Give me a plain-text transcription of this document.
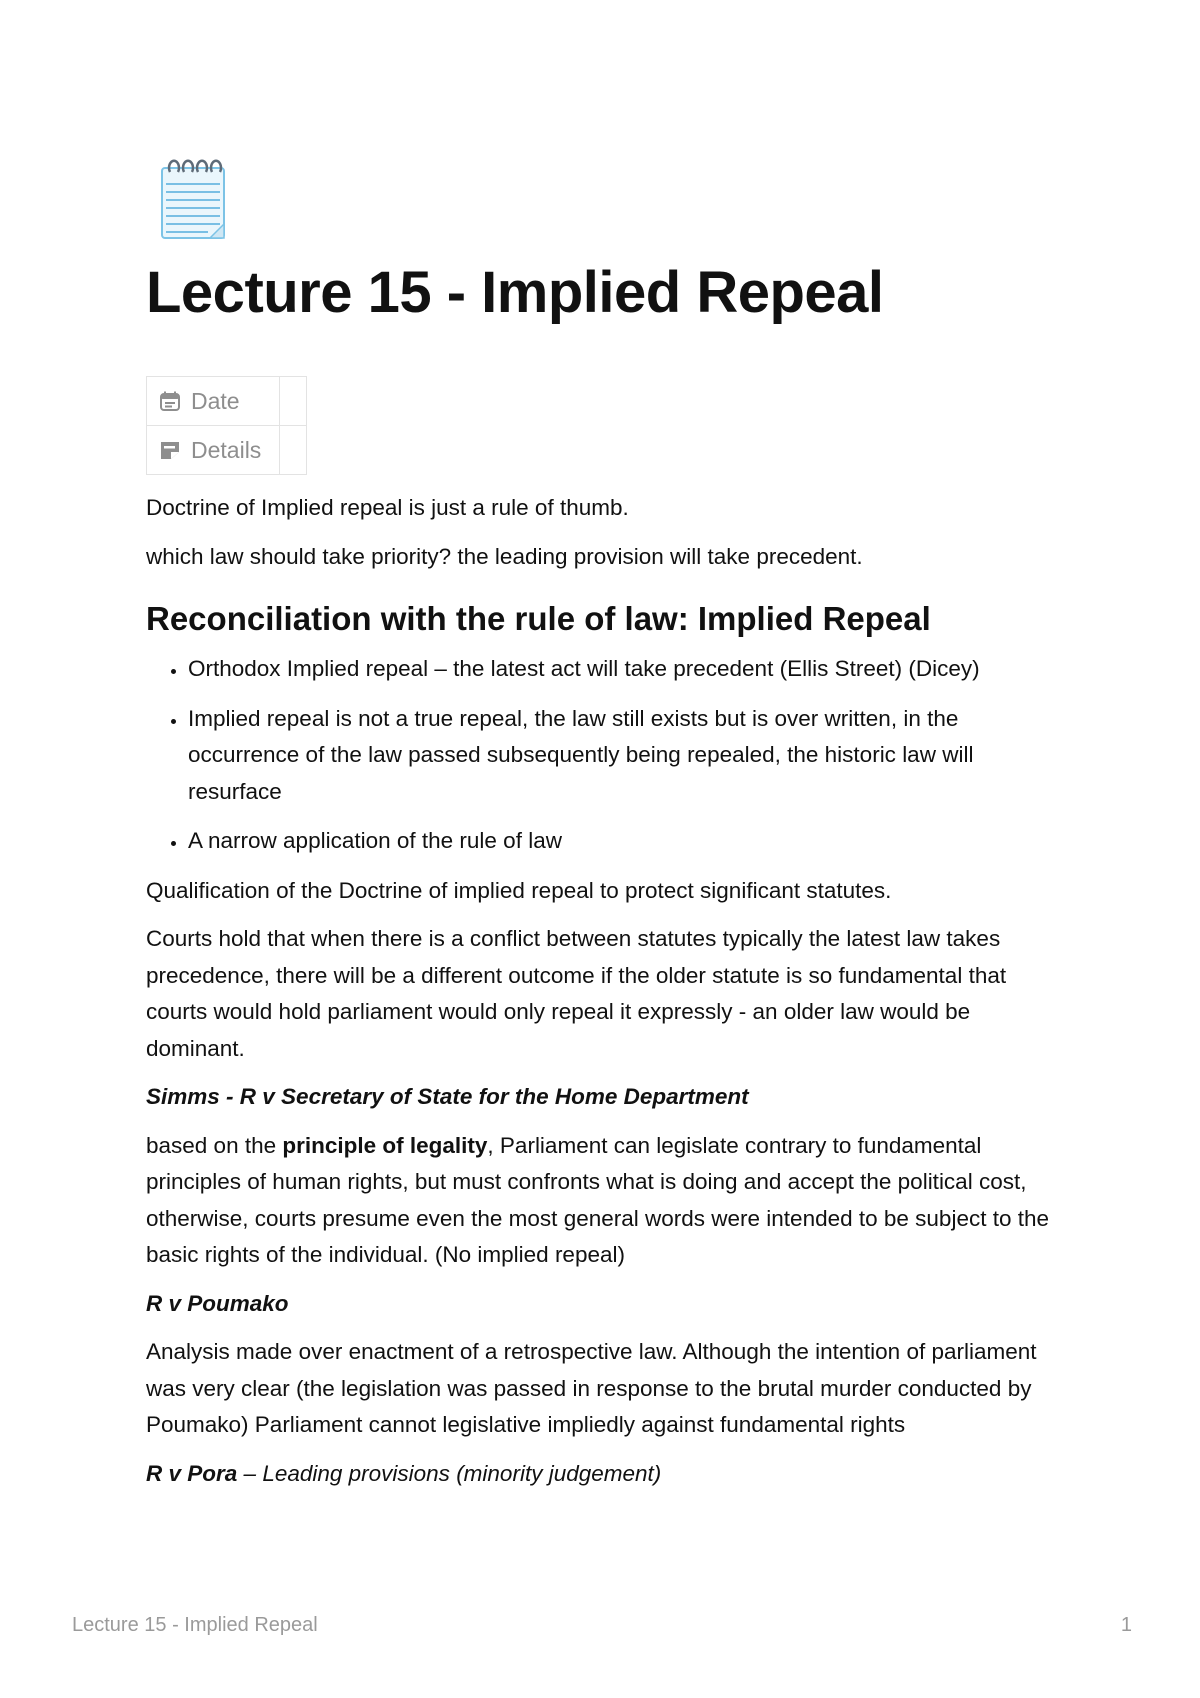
Lecture 15 - Implied Repeal
Date	

Details	

Doctrine of Implied repeal is just a rule of thumb.

which law should take priority? the leading provision will take precedent.

Reconciliation with the rule of law: Implied Repeal
• Orthodox Implied repeal – the latest act will take precedent (Ellis Street) (Dicey)
• Implied repeal is not a true repeal, the law still exists but is over written, in the occurrence of the law passed subsequently being repealed, the historic law will resurface
• A narrow application of the rule of law

Qualification of the Doctrine of implied repeal to protect significant statutes.

Courts hold that when there is a conflict between statutes typically the latest law takes precedence, there will be a different outcome if the older statute is so fundamental that courts would hold parliament would only repeal it expressly - an older law would be dominant.

Simms - R v Secretary of State for the Home Department

based on the principle of legality, Parliament can legislate contrary to fundamental principles of human rights, but must confronts what is doing and accept the political cost, otherwise, courts presume even the most general words were intended to be subject to the basic rights of the individual. (No implied repeal)

R v Poumako

Analysis made over enactment of a retrospective law. Although the intention of parliament was very clear (the legislation was passed in response to the brutal murder conducted by Poumako) Parliament cannot legislative impliedly against fundamental rights

R v Pora – Leading provisions (minority judgement)

Lecture 15 - Implied Repeal	1
